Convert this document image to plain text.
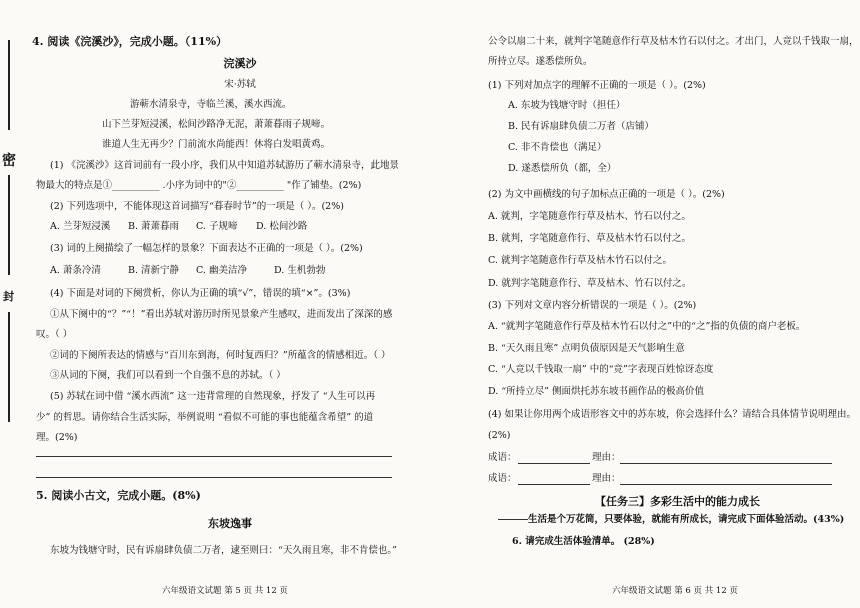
密
封
4. 阅读《浣溪沙》，完成小题。（11%）
浣溪沙
宋·苏轼
游蕲水清泉寺，寺临兰溪，溪水西流。
山下兰芽短浸溪，松间沙路净无泥，萧萧暮雨子规啼。
谁道人生无再少？门前流水尚能西！休将白发唱黄鸡。
(1) 《浣溪沙》这首词前有一段小序，我们从中知道苏轼游历了蕲水清泉寺，此地景
物最大的特点是①__________ .小序为词中的"②__________ "作了铺垫。(2%)
(2) 下列选项中，不能体现这首词描写“暮春时节”的一项是（ ）。(2%)
A. 兰芽短浸溪 B. 萧萧暮雨 C. 子规啼 D. 松间沙路
(3) 词的上阕描绘了一幅怎样的景象？下面表达不正确的一项是（ ）。(2%)
A. 萧条冷清	B. 清新宁静 C. 幽美洁净	D. 生机勃勃
(4) 下面是对词的下阕赏析，你认为正确的填“√”，错误的填“×”。(3%)
①从下阕中的“？”“！”看出苏轼对游历时所见景象产生感叹，进而发出了深深的感
叹。（ ）
②词的下阕所表达的情感与“百川东到海，何时复西归？”所蕴含的情感相近。（ ）
③从词的下阕，我们可以看到一个自强不息的苏轼。（ ）
(5) 苏轼在词中借 “溪水西流” 这一违背常理的自然现象，抒发了 “人生可以再
少” 的哲思。请你结合生活实际，举例说明 “看似不可能的事也能蕴含希望” 的道
理。(2%)
5. 阅读小古文，完成小题。(8%)
东坡逸事
东坡为钱塘守时，民有诉扇肆负债二万者，逮至则曰：“天久雨且寒，非不肯偿也。”
六年级语文试题 第 5 页 共 12 页
公令以扇二十来，就判字笔随意作行草及枯木竹石以付之。才出门，人竞以千钱取一扇，
所持立尽。遂悉偿所负。
(1) 下列对加点字的理解不正确的一项是（ ）。(2%)
A. 东坡为钱塘守时（担任）
B. 民有诉扇肆负债二万者（店铺）
C. 非不肯偿也（满足）
D. 遂悉偿所负（都，全）
(2) 为文中画横线的句子加标点正确的一项是（ ）。(2%)
A. 就判，字笔随意作行草及枯木、竹石以付之。
B. 就判，字笔随意作行、草及枯木竹石以付之。
C. 就判字笔随意作行草及枯木竹石以付之。
D. 就判字笔随意作行、草及枯木、竹石以付之。
(3) 下列对文章内容分析错误的一项是（ ）。(2%)
A. “就判字笔随意作行草及枯木竹石以付之”中的“之”指的负债的商户老板。
B. “天久雨且寒” 点明负债原因是天气影响生意
C. “人竞以千钱取一扇” 中的“竞”字表现百姓惊讶态度
D. “所持立尽” 侧面烘托苏东坡书画作品的极高价值
(4) 如果让你用两个成语形容文中的苏东坡，你会选择什么？请结合具体情节说明理由。
(2%)
成语：	理由：
成语：	理由：
【任务三】多彩生活中的能力成长
生活是个万花筒，只要体验，就能有所成长，请完成下面体验活动。(43%)
6. 请完成生活体验清单。 (28%)
六年级语文试题 第 6 页 共 12 页
